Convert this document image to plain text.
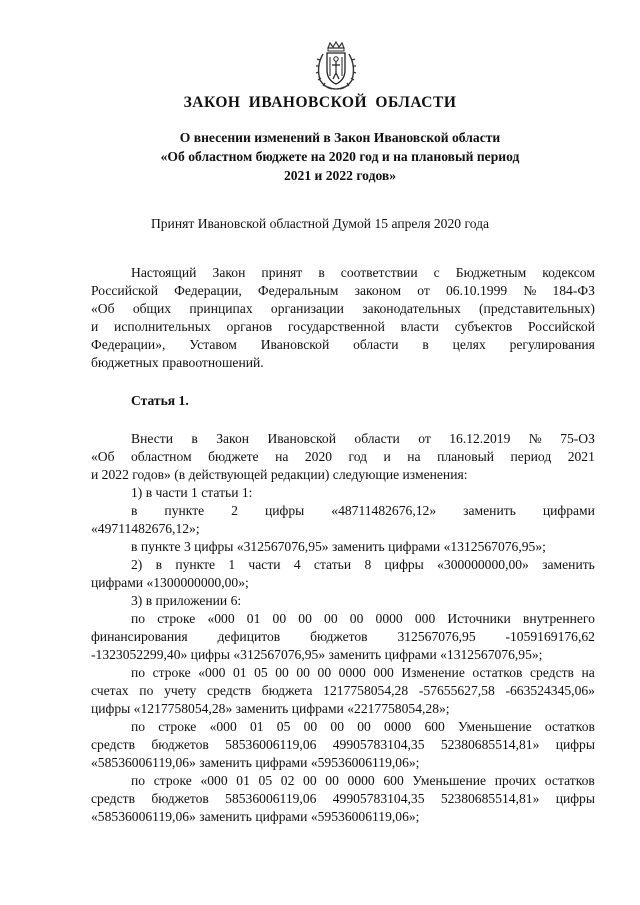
ЗАКОН ИВАНОВСКОЙ ОБЛАСТИ
О внесении изменений в Закон Ивановской области
«Об областном бюджете на 2020 год и на плановый период
2021 и 2022 годов»
Принят Ивановской областной Думой 15 апреля 2020 года
Настоящий Закон принят в соответствии с Бюджетным кодексом
Российской Федерации, Федеральным законом от 06.10.1999 № 184-ФЗ
«Об общих принципах организации законодательных (представительных)
и исполнительных органов государственной власти субъектов Российской
Федерации», Уставом Ивановской области в целях регулирования
бюджетных правоотношений.
Статья 1.
Внести в Закон Ивановской области от 16.12.2019 № 75-ОЗ
«Об областном бюджете на 2020 год и на плановый период 2021
и 2022 годов» (в действующей редакции) следующие изменения:
1) в части 1 статьи 1:
в пункте 2 цифры «48711482676,12» заменить цифрами
«49711482676,12»;
в пункте 3 цифры «312567076,95» заменить цифрами «1312567076,95»;
2) в пункте 1 части 4 статьи 8 цифры «300000000,00» заменить
цифрами «1300000000,00»;
3) в приложении 6:
по строке «000 01 00 00 00 00 0000 000 Источники внутреннего
финансирования дефицитов бюджетов 312567076,95 -1059169176,62
-1323052299,40» цифры «312567076,95» заменить цифрами «1312567076,95»;
по строке «000 01 05 00 00 00 0000 000 Изменение остатков средств на
счетах по учету средств бюджета 1217758054,28 -57655627,58 -663524345,06»
цифры «1217758054,28» заменить цифрами «2217758054,28»;
по строке «000 01 05 00 00 00 0000 600 Уменьшение остатков
средств бюджетов 58536006119,06 49905783104,35 52380685514,81» цифры
«58536006119,06» заменить цифрами «59536006119,06»;
по строке «000 01 05 02 00 00 0000 600 Уменьшение прочих остатков
средств бюджетов 58536006119,06 49905783104,35 52380685514,81» цифры
«58536006119,06» заменить цифрами «59536006119,06»;
